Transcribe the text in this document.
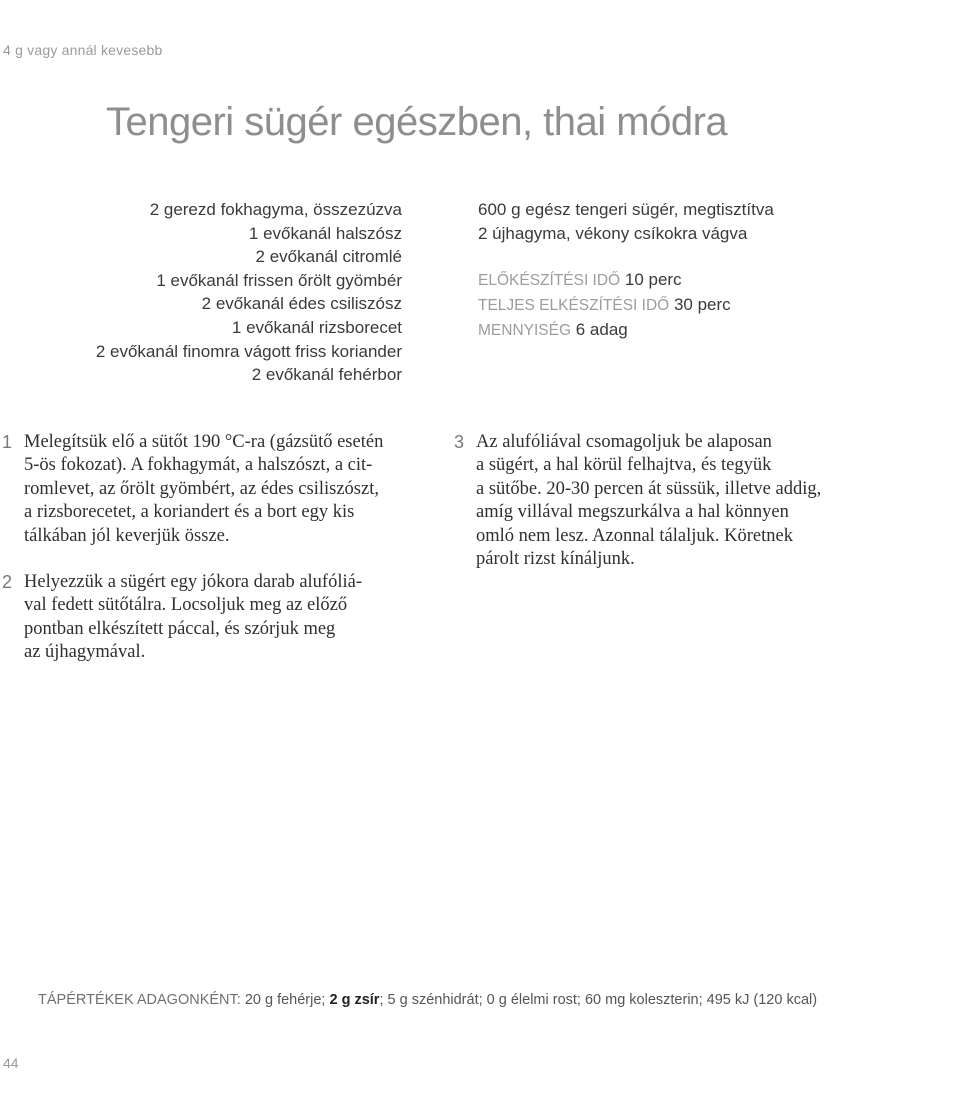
4 g vagy annál kevesebb
Tengeri sügér egészben, thai módra
2 gerezd fokhagyma, összezúzva
1 evőkanál halszósz
2 evőkanál citromlé
1 evőkanál frissen őrölt gyömbér
2 evőkanál édes csiliszósz
1 evőkanál rizsborecet
2 evőkanál finomra vágott friss koriander
2 evőkanál fehérbor
600 g egész tengeri sügér, megtisztítva
2 újhagyma, vékony csíkokra vágva
ELŐKÉSZÍTÉSI IDŐ 10 perc
TELJES ELKÉSZÍTÉSI IDŐ 30 perc
MENNYISÉG 6 adag
1 Melegítsük elő a sütőt 190 °C-ra (gázsütő esetén
5-ös fokozat). A fokhagymát, a halszószt, a cit-
romlevet, az őrölt gyömbért, az édes csiliszószt,
a rizsborecetet, a koriandert és a bort egy kis
tálkában jól keverjük össze.
2 Helyezzük a sügért egy jókora darab alufóliá-
val fedett sütőtálra. Locsoljuk meg az előző
pontban elkészített páccal, és szórjuk meg
az újhagymával.
3 Az alufóliával csomagoljuk be alaposan
a sügért, a hal körül felhajtva, és tegyük
a sütőbe. 20-30 percen át süssük, illetve addig,
amíg villával megszurkálva a hal könnyen
omló nem lesz. Azonnal tálaljuk. Köretnek
párolt rizst kínáljunk.
TÁPÉRTÉKEK ADAGONKÉNT: 20 g fehérje; 2 g zsír; 5 g szénhidrát; 0 g élelmi rost; 60 mg koleszterin; 495 kJ (120 kcal)
44
